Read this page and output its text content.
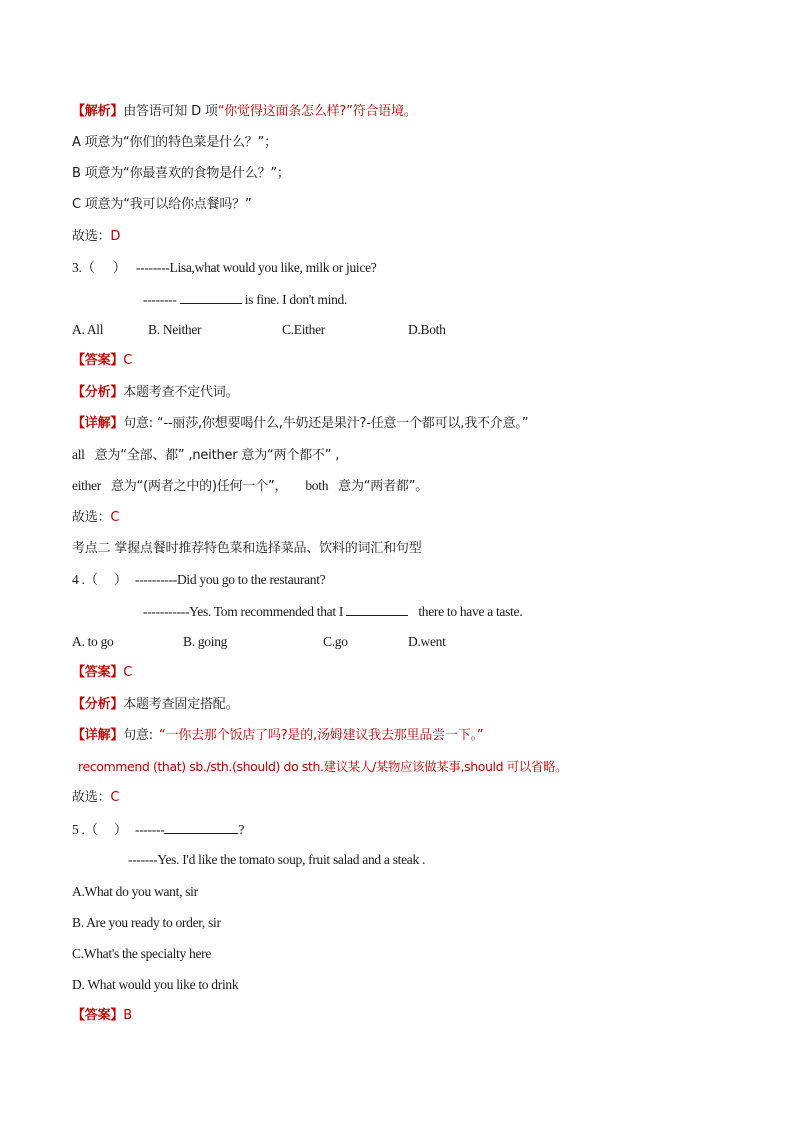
【解析】由答语可知 D 项“你觉得这面条怎么样?”符合语境。
A 项意为“你们的特色菜是什么？”；
B 项意为“你最喜欢的食物是什么？”；
C 项意为“我可以给你点餐吗？”
故选：D
3.（ ） --------Lisa,what would you like, milk or juice?
--------	is fine. I don't mind.
A. All	B. Neither	C.Either	D.Both
【答案】C
【分析】本题考查不定代词。
【详解】句意: “--丽莎,你想要喝什么,牛奶还是果汁?-任意一个都可以,我不介意。”
all 意为“全部、都” ,neither 意为“两个都不” ,
either 意为“(两者之中的)任何一个”， both 意为“两者都”。
故选：C
考点二 掌握点餐时推荐特色菜和选择菜品、饮料的词汇和句型
4 .（ ） ----------Did you go to the restaurant?
-----------Yes. Tom recommended that I	there to have a taste.
A. to go	B. going	C.go	D.went
【答案】C
【分析】本题考查固定搭配。
【详解】句意: “一你去那个饭店了吗?是的,汤姆建议我去那里品尝一下。”
recommend (that) sb./sth.(should) do sth.建议某人/某物应该做某事,should 可以省略。
故选：C
5 .（ ） -------	?
-------Yes. I'd like the tomato soup, fruit salad and a steak .
A.What do you want, sir
B. Are you ready to order, sir
C.What's the specialty here
D. What would you like to drink
【答案】B
